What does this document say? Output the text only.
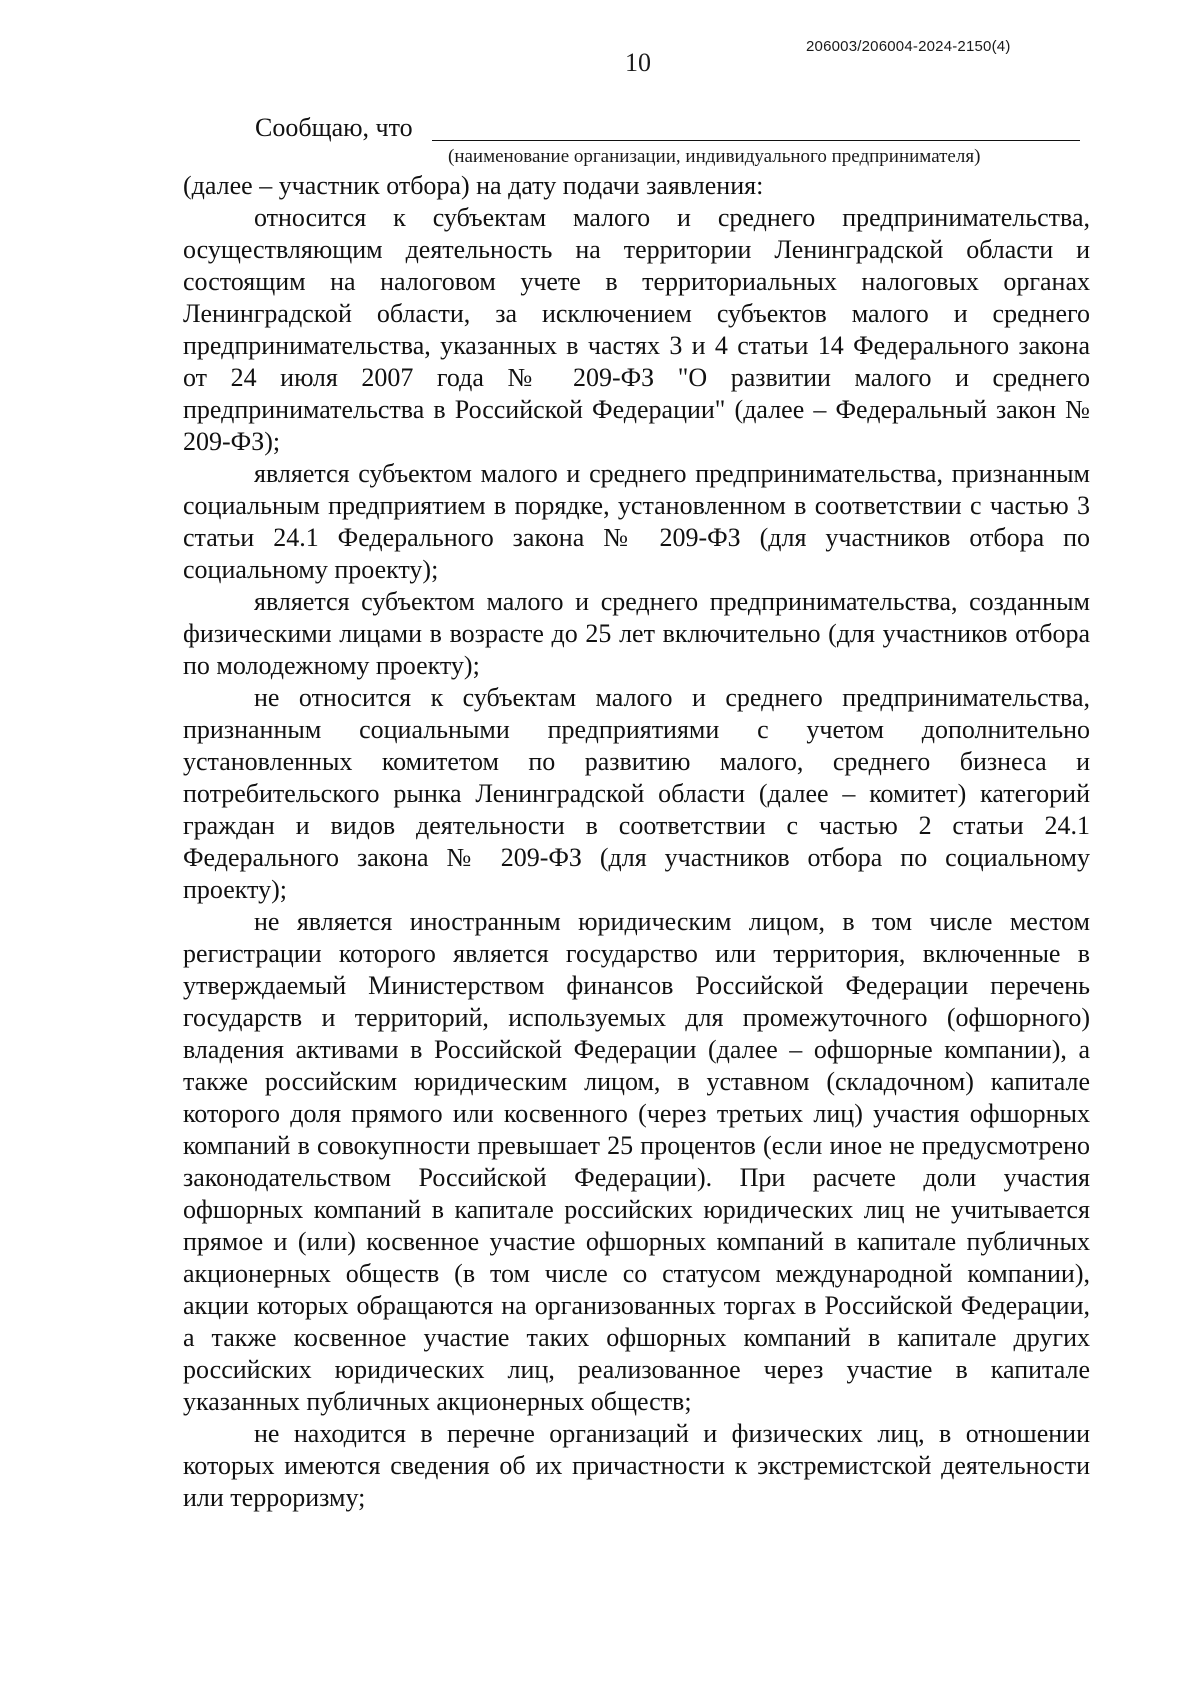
206003/206004-2024-2150(4)
10
Сообщаю, что
(наименование организации, индивидуального предпринимателя)

(далее – участник отбора) на дату подачи заявления:

относится к субъектам малого и среднего предпринимательства, осуществляющим деятельность на территории Ленинградской области и состоящим на налоговом учете в территориальных налоговых органах Ленинградской области, за исключением субъектов малого и среднего предпринимательства, указанных в частях 3 и 4 статьи 14 Федерального закона от 24 июля 2007 года № 209-ФЗ "О развитии малого и среднего предпринимательства в Российской Федерации" (далее – Федеральный закон № 209-ФЗ);

является субъектом малого и среднего предпринимательства, признанным социальным предприятием в порядке, установленном в соответствии с частью 3 статьи 24.1 Федерального закона № 209-ФЗ (для участников отбора по социальному проекту);

является субъектом малого и среднего предпринимательства, созданным физическими лицами в возрасте до 25 лет включительно (для участников отбора по молодежному проекту);

не относится к субъектам малого и среднего предпринимательства, признанным социальными предприятиями с учетом дополнительно установленных комитетом по развитию малого, среднего бизнеса и потребительского рынка Ленинградской области (далее – комитет) категорий граждан и видов деятельности в соответствии с частью 2 статьи 24.1 Федерального закона № 209-ФЗ (для участников отбора по социальному проекту);

не является иностранным юридическим лицом, в том числе местом регистрации которого является государство или территория, включенные в утверждаемый Министерством финансов Российской Федерации перечень государств и территорий, используемых для промежуточного (офшорного) владения активами в Российской Федерации (далее – офшорные компании), а также российским юридическим лицом, в уставном (складочном) капитале которого доля прямого или косвенного (через третьих лиц) участия офшорных компаний в совокупности превышает 25 процентов (если иное не предусмотрено законодательством Российской Федерации). При расчете доли участия офшорных компаний в капитале российских юридических лиц не учитывается прямое и (или) косвенное участие офшорных компаний в капитале публичных акционерных обществ (в том числе со статусом международной компании), акции которых обращаются на организованных торгах в Российской Федерации, а также косвенное участие таких офшорных компаний в капитале других российских юридических лиц, реализованное через участие в капитале указанных публичных акционерных обществ;

не находится в перечне организаций и физических лиц, в отношении которых имеются сведения об их причастности к экстремистской деятельности или терроризму;
